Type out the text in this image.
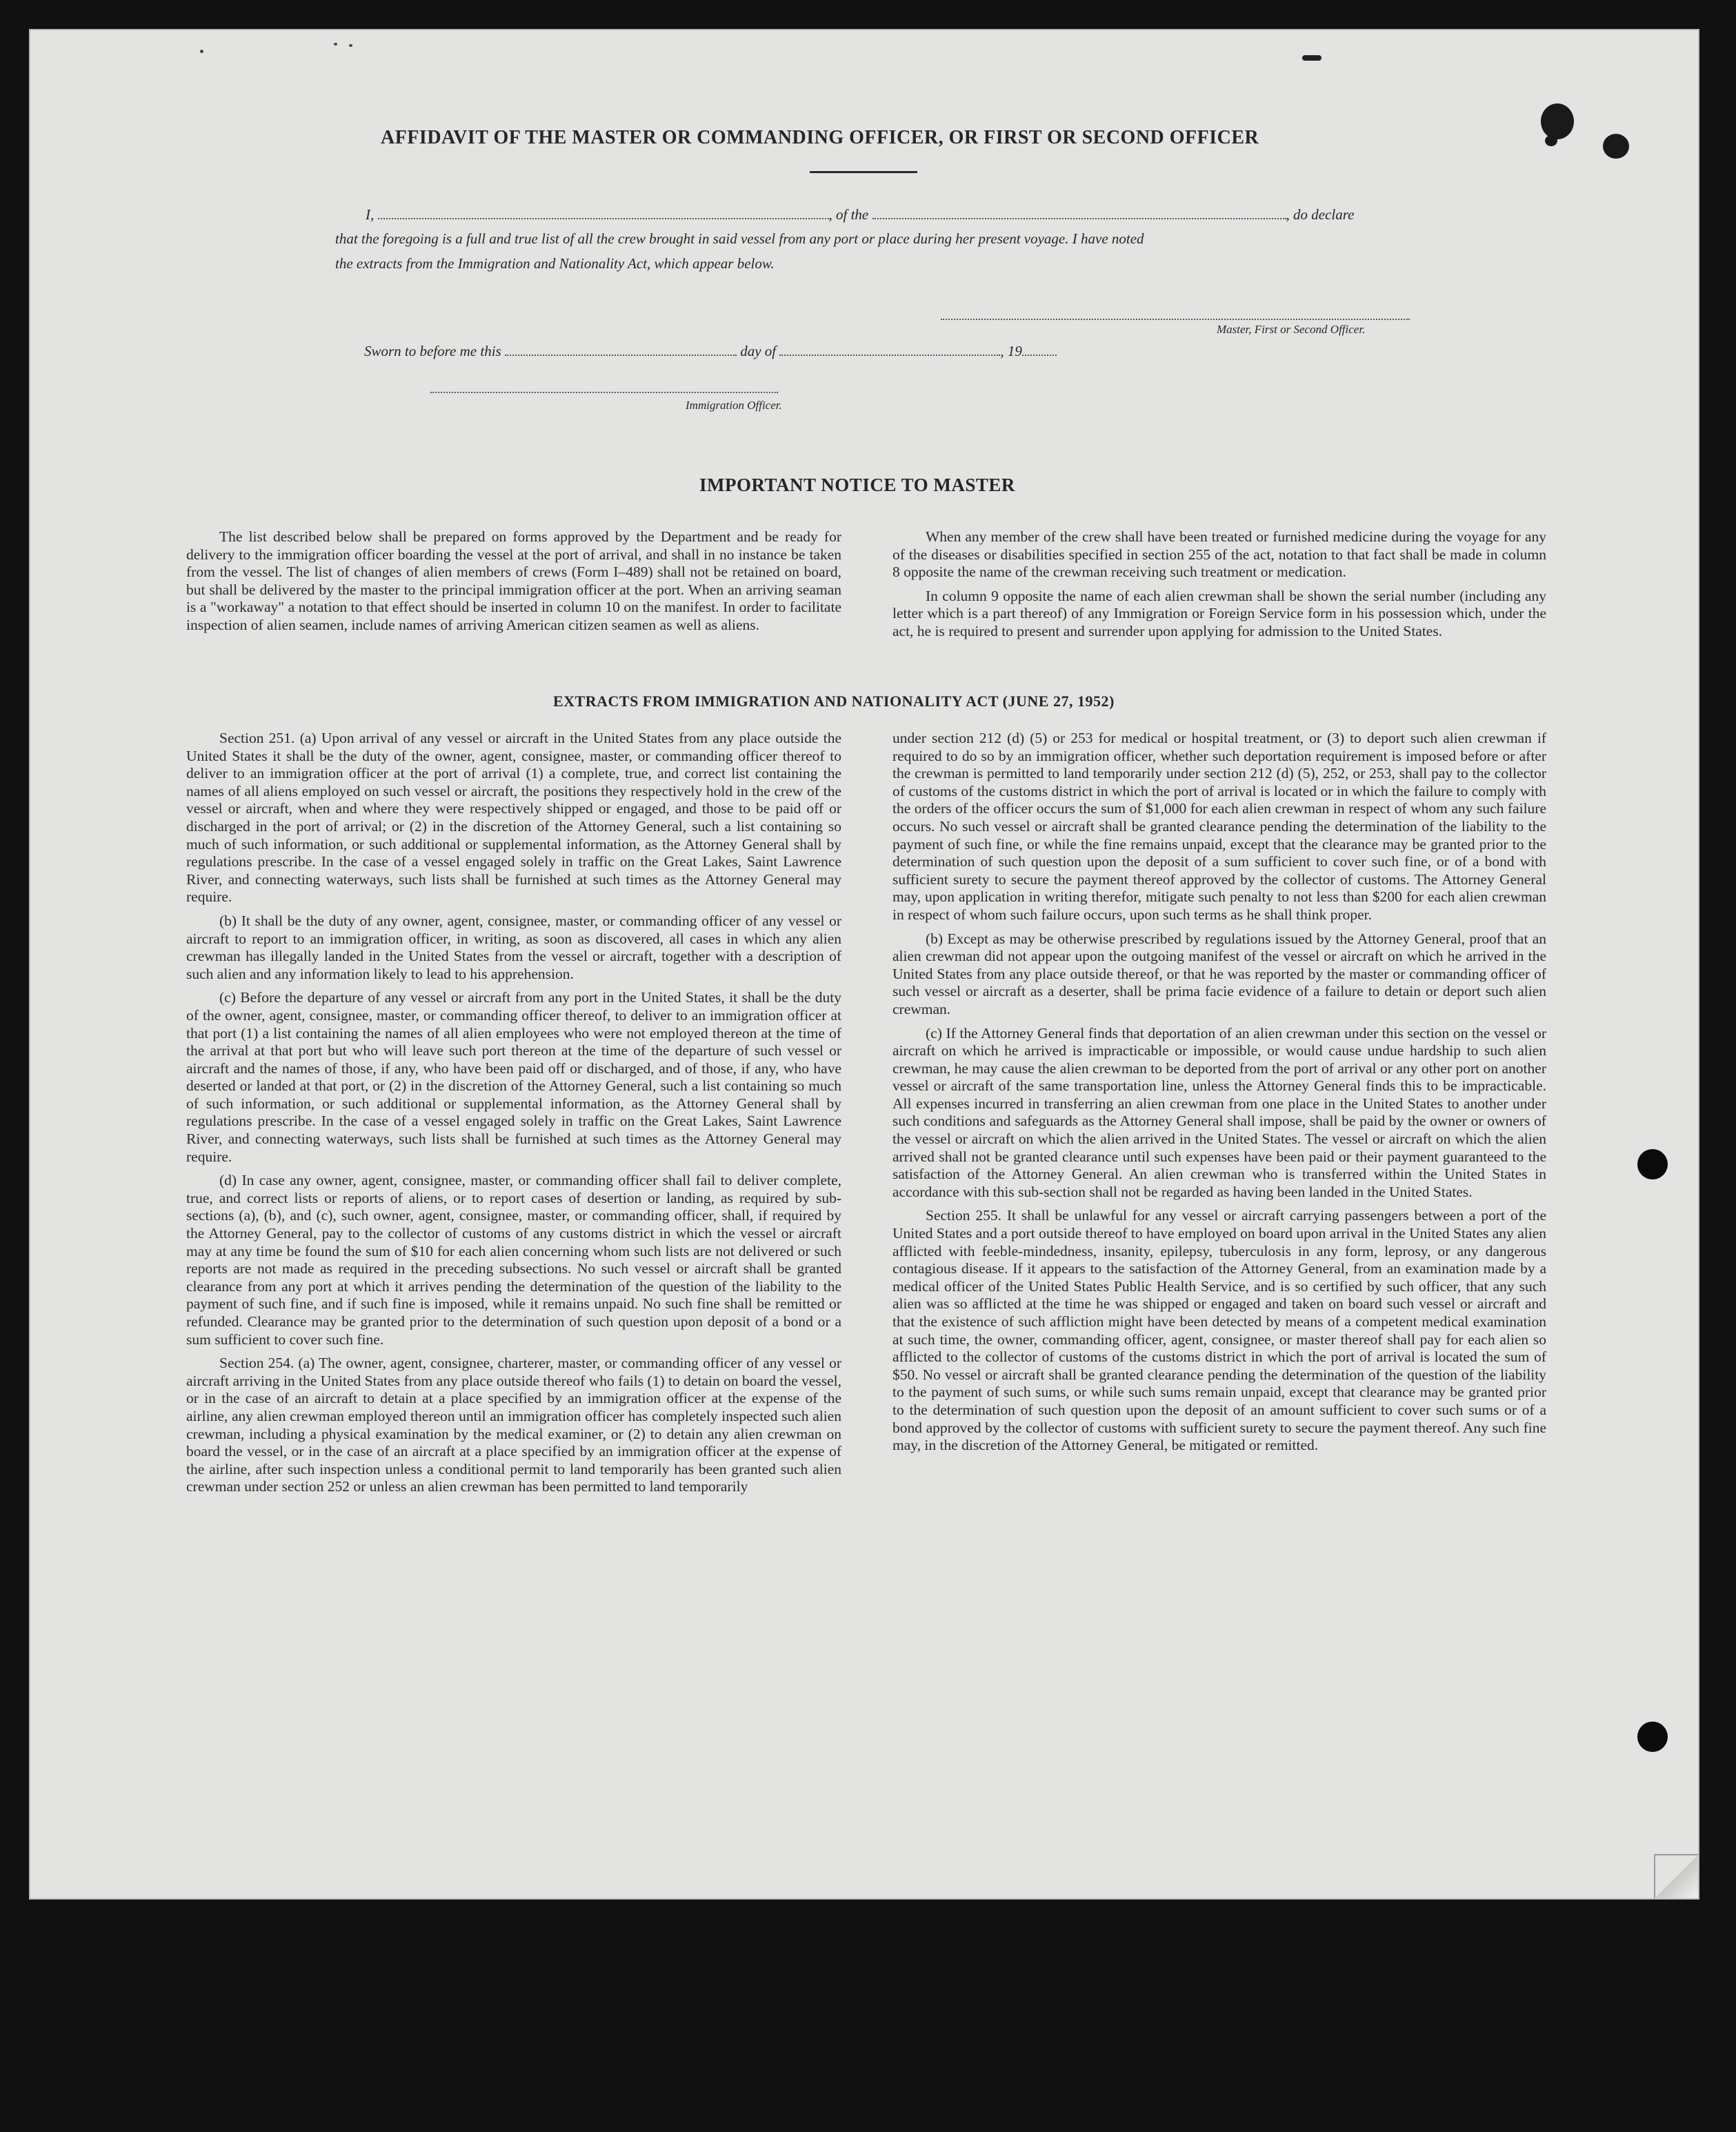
AFFIDAVIT OF THE MASTER OR COMMANDING OFFICER, OR FIRST OR SECOND OFFICER
I,	, of the	, do declare
that the foregoing is a full and true list of all the crew brought in said vessel from any port or place during her present voyage. I have noted
the extracts from the Immigration and Nationality Act, which appear below.
Master, First or Second Officer.
Sworn to before me this	day of	, 19
Immigration Officer.
IMPORTANT NOTICE TO MASTER

The list described below shall be prepared on forms approved by the Department and be ready for delivery to the immigration officer boarding the vessel at the port of arrival, and shall in no instance be taken from the vessel. The list of changes of alien members of crews (Form I–489) shall not be retained on board, but shall be delivered by the master to the principal immigration officer at the port. When an arriving seaman is a "workaway" a notation to that effect should be inserted in column 10 on the manifest. In order to facilitate inspection of alien seamen, include names of arriving American citizen seamen as well as aliens.

When any member of the crew shall have been treated or furnished medicine during the voyage for any of the diseases or disabilities specified in section 255 of the act, notation to that fact shall be made in column 8 opposite the name of the crewman receiving such treatment or medication.

In column 9 opposite the name of each alien crewman shall be shown the serial number (including any letter which is a part thereof) of any Immigration or Foreign Service form in his possession which, under the act, he is required to present and surrender upon applying for admission to the United States.

EXTRACTS FROM IMMIGRATION AND NATIONALITY ACT (JUNE 27, 1952)

Section 251. (a) Upon arrival of any vessel or aircraft in the United States from any place outside the United States it shall be the duty of the owner, agent, consignee, master, or commanding officer thereof to deliver to an immigration officer at the port of arrival (1) a complete, true, and correct list containing the names of all aliens employed on such vessel or aircraft, the positions they respectively hold in the crew of the vessel or aircraft, when and where they were respectively shipped or engaged, and those to be paid off or discharged in the port of arrival; or (2) in the discretion of the Attorney General, such a list containing so much of such information, or such additional or supplemental information, as the Attorney General shall by regulations prescribe. In the case of a vessel engaged solely in traffic on the Great Lakes, Saint Lawrence River, and connecting waterways, such lists shall be furnished at such times as the Attorney General may require.

(b) It shall be the duty of any owner, agent, consignee, master, or commanding officer of any vessel or aircraft to report to an immigration officer, in writing, as soon as discovered, all cases in which any alien crewman has illegally landed in the United States from the vessel or aircraft, together with a description of such alien and any information likely to lead to his apprehension.

(c) Before the departure of any vessel or aircraft from any port in the United States, it shall be the duty of the owner, agent, consignee, master, or commanding officer thereof, to deliver to an immigration officer at that port (1) a list containing the names of all alien employees who were not employed thereon at the time of the arrival at that port but who will leave such port thereon at the time of the departure of such vessel or aircraft and the names of those, if any, who have been paid off or discharged, and of those, if any, who have deserted or landed at that port, or (2) in the discretion of the Attorney General, such a list containing so much of such information, or such additional or supplemental information, as the Attorney General shall by regulations prescribe. In the case of a vessel engaged solely in traffic on the Great Lakes, Saint Lawrence River, and connecting waterways, such lists shall be furnished at such times as the Attorney General may require.

(d) In case any owner, agent, consignee, master, or commanding officer shall fail to deliver complete, true, and correct lists or reports of aliens, or to report cases of desertion or landing, as required by sub-sections (a), (b), and (c), such owner, agent, consignee, master, or commanding officer, shall, if required by the Attorney General, pay to the collector of customs of any customs district in which the vessel or aircraft may at any time be found the sum of $10 for each alien concerning whom such lists are not delivered or such reports are not made as required in the preceding subsections. No such vessel or aircraft shall be granted clearance from any port at which it arrives pending the determination of the question of the liability to the payment of such fine, and if such fine is imposed, while it remains unpaid. No such fine shall be remitted or refunded. Clearance may be granted prior to the determination of such question upon deposit of a bond or a sum sufficient to cover such fine.

Section 254. (a) The owner, agent, consignee, charterer, master, or commanding officer of any vessel or aircraft arriving in the United States from any place outside thereof who fails (1) to detain on board the vessel, or in the case of an aircraft to detain at a place specified by an immigration officer at the expense of the airline, any alien crewman employed thereon until an immigration officer has completely inspected such alien crewman, including a physical examination by the medical examiner, or (2) to detain any alien crewman on board the vessel, or in the case of an aircraft at a place specified by an immigration officer at the expense of the airline, after such inspection unless a conditional permit to land temporarily has been granted such alien crewman under section 252 or unless an alien crewman has been permitted to land temporarily

under section 212 (d) (5) or 253 for medical or hospital treatment, or (3) to deport such alien crewman if required to do so by an immigration officer, whether such deportation requirement is imposed before or after the crewman is permitted to land temporarily under section 212 (d) (5), 252, or 253, shall pay to the collector of customs of the customs district in which the port of arrival is located or in which the failure to comply with the orders of the officer occurs the sum of $1,000 for each alien crewman in respect of whom any such failure occurs. No such vessel or aircraft shall be granted clearance pending the determination of the liability to the payment of such fine, or while the fine remains unpaid, except that the clearance may be granted prior to the determination of such question upon the deposit of a sum sufficient to cover such fine, or of a bond with sufficient surety to secure the payment thereof approved by the collector of customs. The Attorney General may, upon application in writing therefor, mitigate such penalty to not less than $200 for each alien crewman in respect of whom such failure occurs, upon such terms as he shall think proper.

(b) Except as may be otherwise prescribed by regulations issued by the Attorney General, proof that an alien crewman did not appear upon the outgoing manifest of the vessel or aircraft on which he arrived in the United States from any place outside thereof, or that he was reported by the master or commanding officer of such vessel or aircraft as a deserter, shall be prima facie evidence of a failure to detain or deport such alien crewman.

(c) If the Attorney General finds that deportation of an alien crewman under this section on the vessel or aircraft on which he arrived is impracticable or impossible, or would cause undue hardship to such alien crewman, he may cause the alien crewman to be deported from the port of arrival or any other port on another vessel or aircraft of the same transportation line, unless the Attorney General finds this to be impracticable. All expenses incurred in transferring an alien crewman from one place in the United States to another under such conditions and safeguards as the Attorney General shall impose, shall be paid by the owner or owners of the vessel or aircraft on which the alien arrived in the United States. The vessel or aircraft on which the alien arrived shall not be granted clearance until such expenses have been paid or their payment guaranteed to the satisfaction of the Attorney General. An alien crewman who is transferred within the United States in accordance with this sub-section shall not be regarded as having been landed in the United States.

Section 255. It shall be unlawful for any vessel or aircraft carrying passengers between a port of the United States and a port outside thereof to have employed on board upon arrival in the United States any alien afflicted with feeble-mindedness, insanity, epilepsy, tuberculosis in any form, leprosy, or any dangerous contagious disease. If it appears to the satisfaction of the Attorney General, from an examination made by a medical officer of the United States Public Health Service, and is so certified by such officer, that any such alien was so afflicted at the time he was shipped or engaged and taken on board such vessel or aircraft and that the existence of such affliction might have been detected by means of a competent medical examination at such time, the owner, commanding officer, agent, consignee, or master thereof shall pay for each alien so afflicted to the collector of customs of the customs district in which the port of arrival is located the sum of $50. No vessel or aircraft shall be granted clearance pending the determination of the question of the liability to the payment of such sums, or while such sums remain unpaid, except that clearance may be granted prior to the determination of such question upon the deposit of an amount sufficient to cover such sums or of a bond approved by the collector of customs with sufficient surety to secure the payment thereof. Any such fine may, in the discretion of the Attorney General, be mitigated or remitted.
